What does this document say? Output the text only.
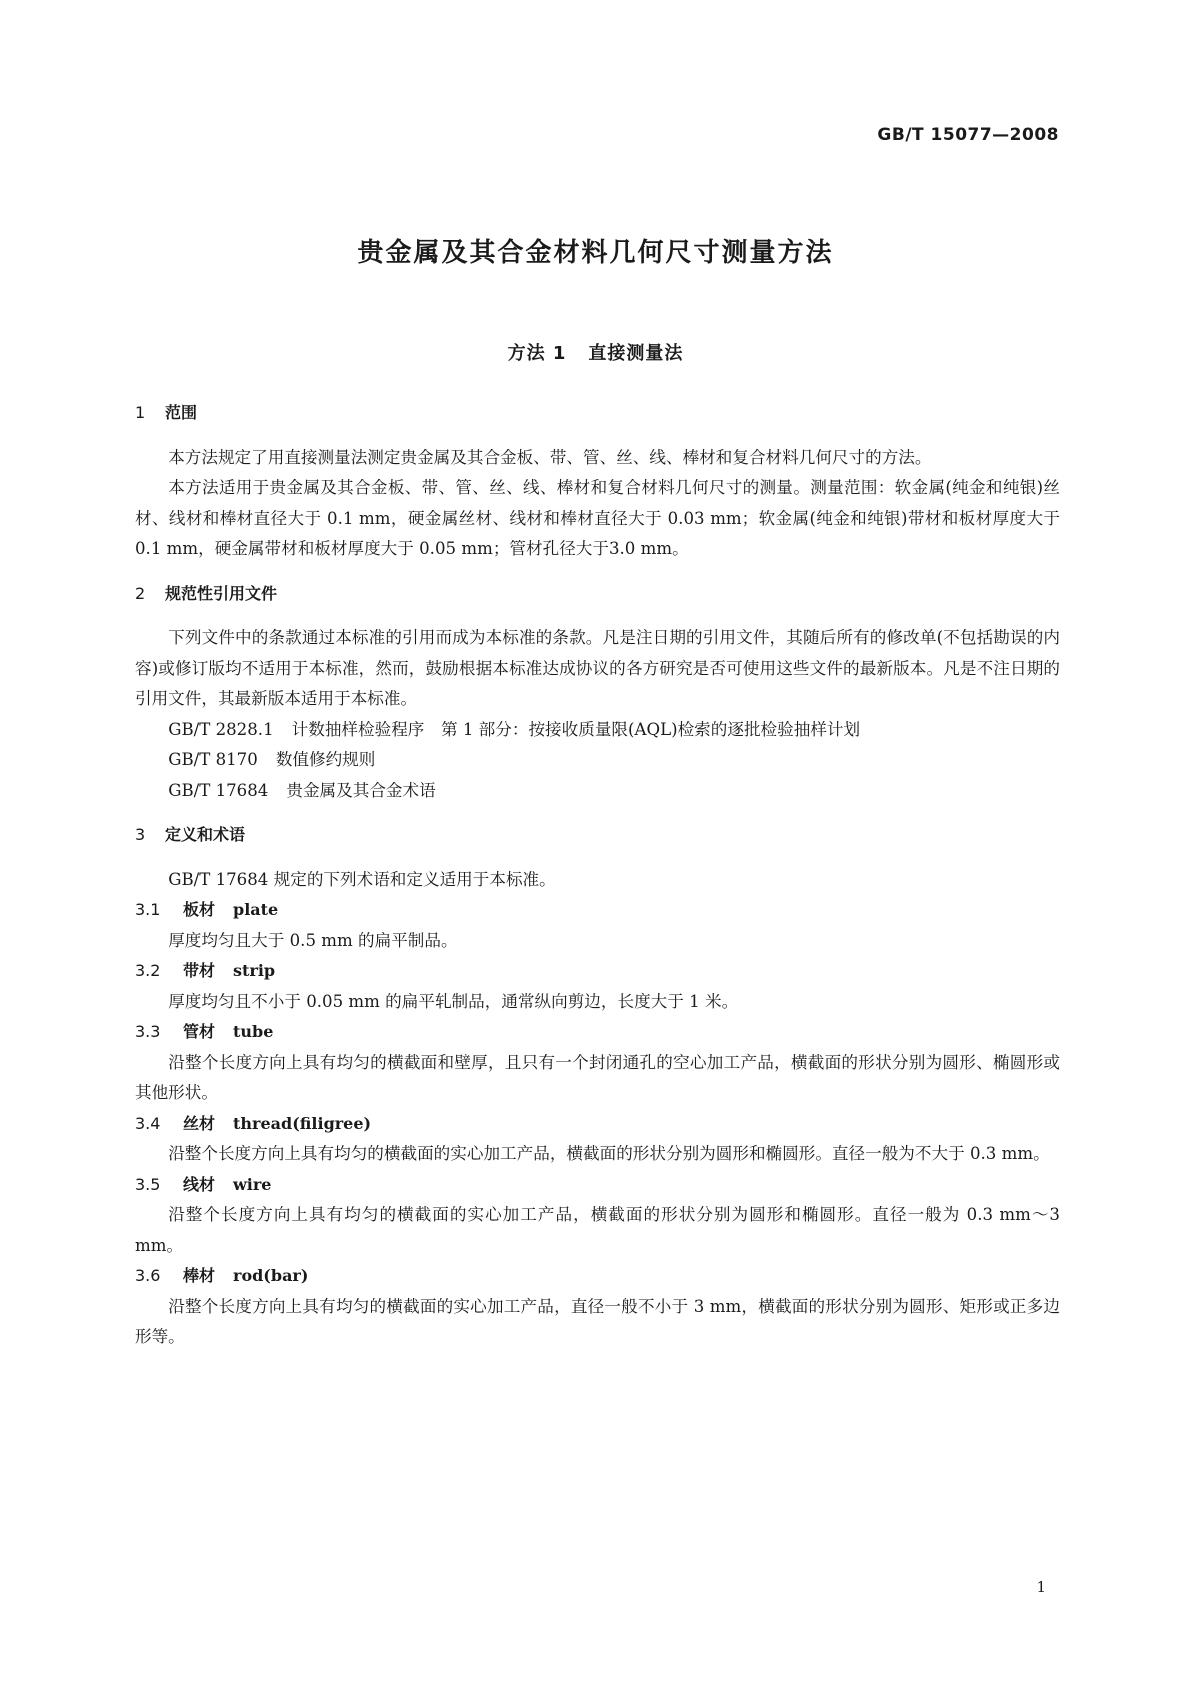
GB/T 15077—2008
贵金属及其合金材料几何尺寸测量方法
方法 1 直接测量法
1 范围

本方法规定了用直接测量法测定贵金属及其合金板、带、管、丝、线、棒材和复合材料几何尺寸的方法。

本方法适用于贵金属及其合金板、带、管、丝、线、棒材和复合材料几何尺寸的测量。测量范围：软金属(纯金和纯银)丝材、线材和棒材直径大于 0.1 mm，硬金属丝材、线材和棒材直径大于 0.03 mm；软金属(纯金和纯银)带材和板材厚度大于 0.1 mm，硬金属带材和板材厚度大于 0.05 mm；管材孔径大于3.0 mm。

2 规范性引用文件

下列文件中的条款通过本标准的引用而成为本标准的条款。凡是注日期的引用文件，其随后所有的修改单(不包括勘误的内容)或修订版均不适用于本标准，然而，鼓励根据本标准达成协议的各方研究是否可使用这些文件的最新版本。凡是不注日期的引用文件，其最新版本适用于本标准。

GB/T 2828.1 计数抽样检验程序　第 1 部分：按接收质量限(AQL)检索的逐批检验抽样计划
GB/T 8170 数值修约规则
GB/T 17684 贵金属及其合金术语
3 定义和术语

GB/T 17684 规定的下列术语和定义适用于本标准。

3.1 板材 plate

厚度均匀且大于 0.5 mm 的扁平制品。

3.2 带材 strip

厚度均匀且不小于 0.05 mm 的扁平轧制品，通常纵向剪边，长度大于 1 米。

3.3 管材 tube

沿整个长度方向上具有均匀的横截面和壁厚，且只有一个封闭通孔的空心加工产品，横截面的形状分别为圆形、椭圆形或其他形状。

3.4 丝材 thread(filigree)

沿整个长度方向上具有均匀的横截面的实心加工产品，横截面的形状分别为圆形和椭圆形。直径一般为不大于 0.3 mm。

3.5 线材 wire

沿整个长度方向上具有均匀的横截面的实心加工产品，横截面的形状分别为圆形和椭圆形。直径一般为 0.3 mm～3 mm。

3.6 棒材 rod(bar)

沿整个长度方向上具有均匀的横截面的实心加工产品，直径一般不小于 3 mm，横截面的形状分别为圆形、矩形或正多边形等。

1
